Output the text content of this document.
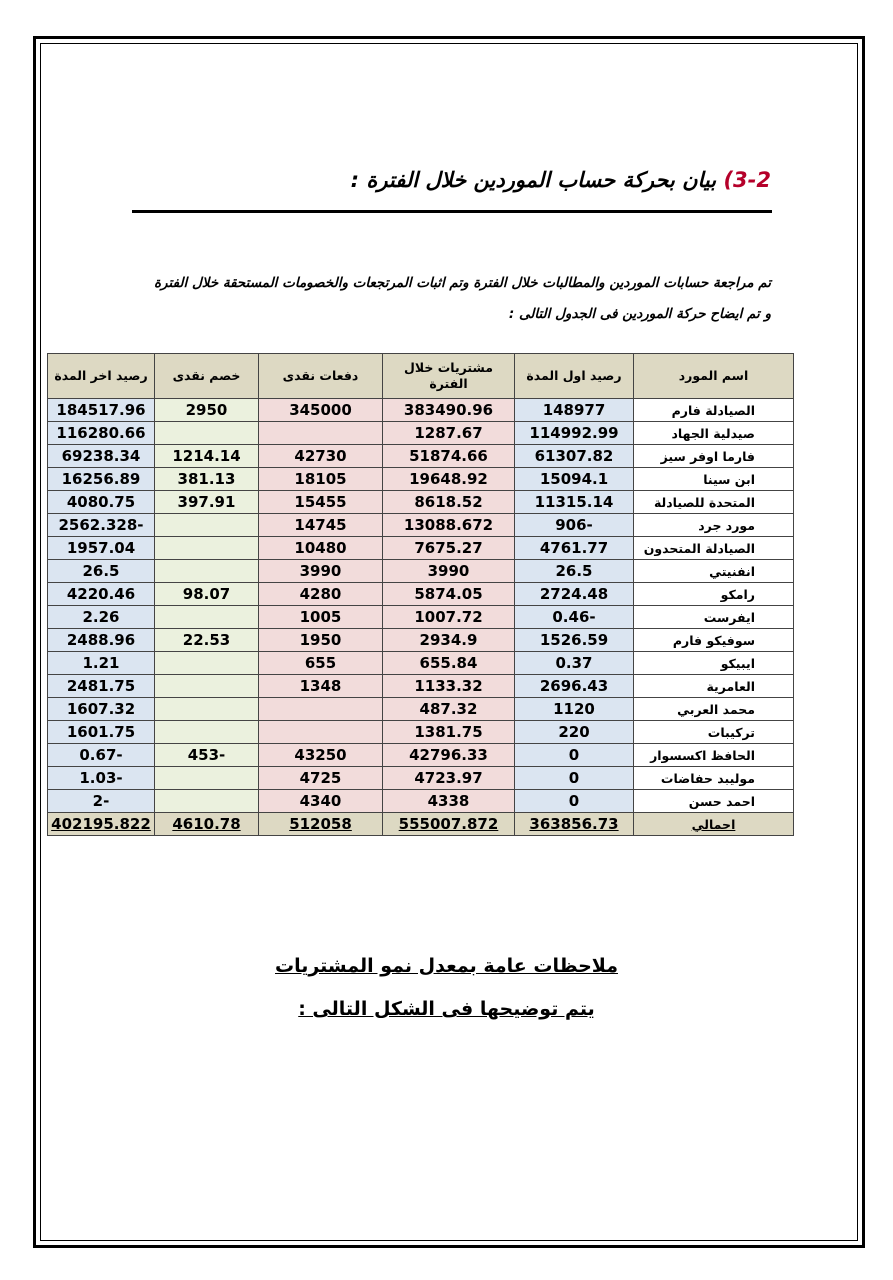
3-2) بيان بحركة حساب الموردين خلال الفترة :
تم مراجعة حسابات الموردين والمطالبات خلال الفترة وتم اثبات المرتجعات والخصومات المستحقة خلال الفترة و تم ايضاح حركة الموردين فى الجدول التالى :
اسم المورد	رصيد اول المدة	مشتريات خلال الفترة	دفعات نقدى	خصم نقدى	رصيد اخر المدة
الصيادلة فارم	148977	383490.96	345000	2950	184517.96
صيدلية الجهاد	114992.99	1287.67			116280.66
فارما اوفر سيز	61307.82	51874.66	42730	1214.14	69238.34
ابن سينا	15094.1	19648.92	18105	381.13	16256.89
المتحدة للصيادلة	11315.14	8618.52	15455	397.91	4080.75
مورد جرد	-906	13088.672	14745		-2562.328
الصيادلة المتحدون	4761.77	7675.27	10480		1957.04
انفنيتي	26.5	3990	3990		26.5
رامكو	2724.48	5874.05	4280	98.07	4220.46
ايفرست	-0.46	1007.72	1005		2.26
سوفيكو فارم	1526.59	2934.9	1950	22.53	2488.96
ايبيكو	0.37	655.84	655		1.21
العامرية	2696.43	1133.32	1348		2481.75
محمد العربي	1120	487.32			1607.32
تركيبات	220	1381.75			1601.75
الحافظ اكسسوار	0	42796.33	43250	-453	-0.67
موليبد حفاضات	0	4723.97	4725		-1.03
احمد حسن	0	4338	4340		-2
اجمالي	363856.73	555007.872	512058	4610.78	402195.822
ملاحظات عامة بمعدل نمو المشتريات
يتم توضيحها فى الشكل التالى :
